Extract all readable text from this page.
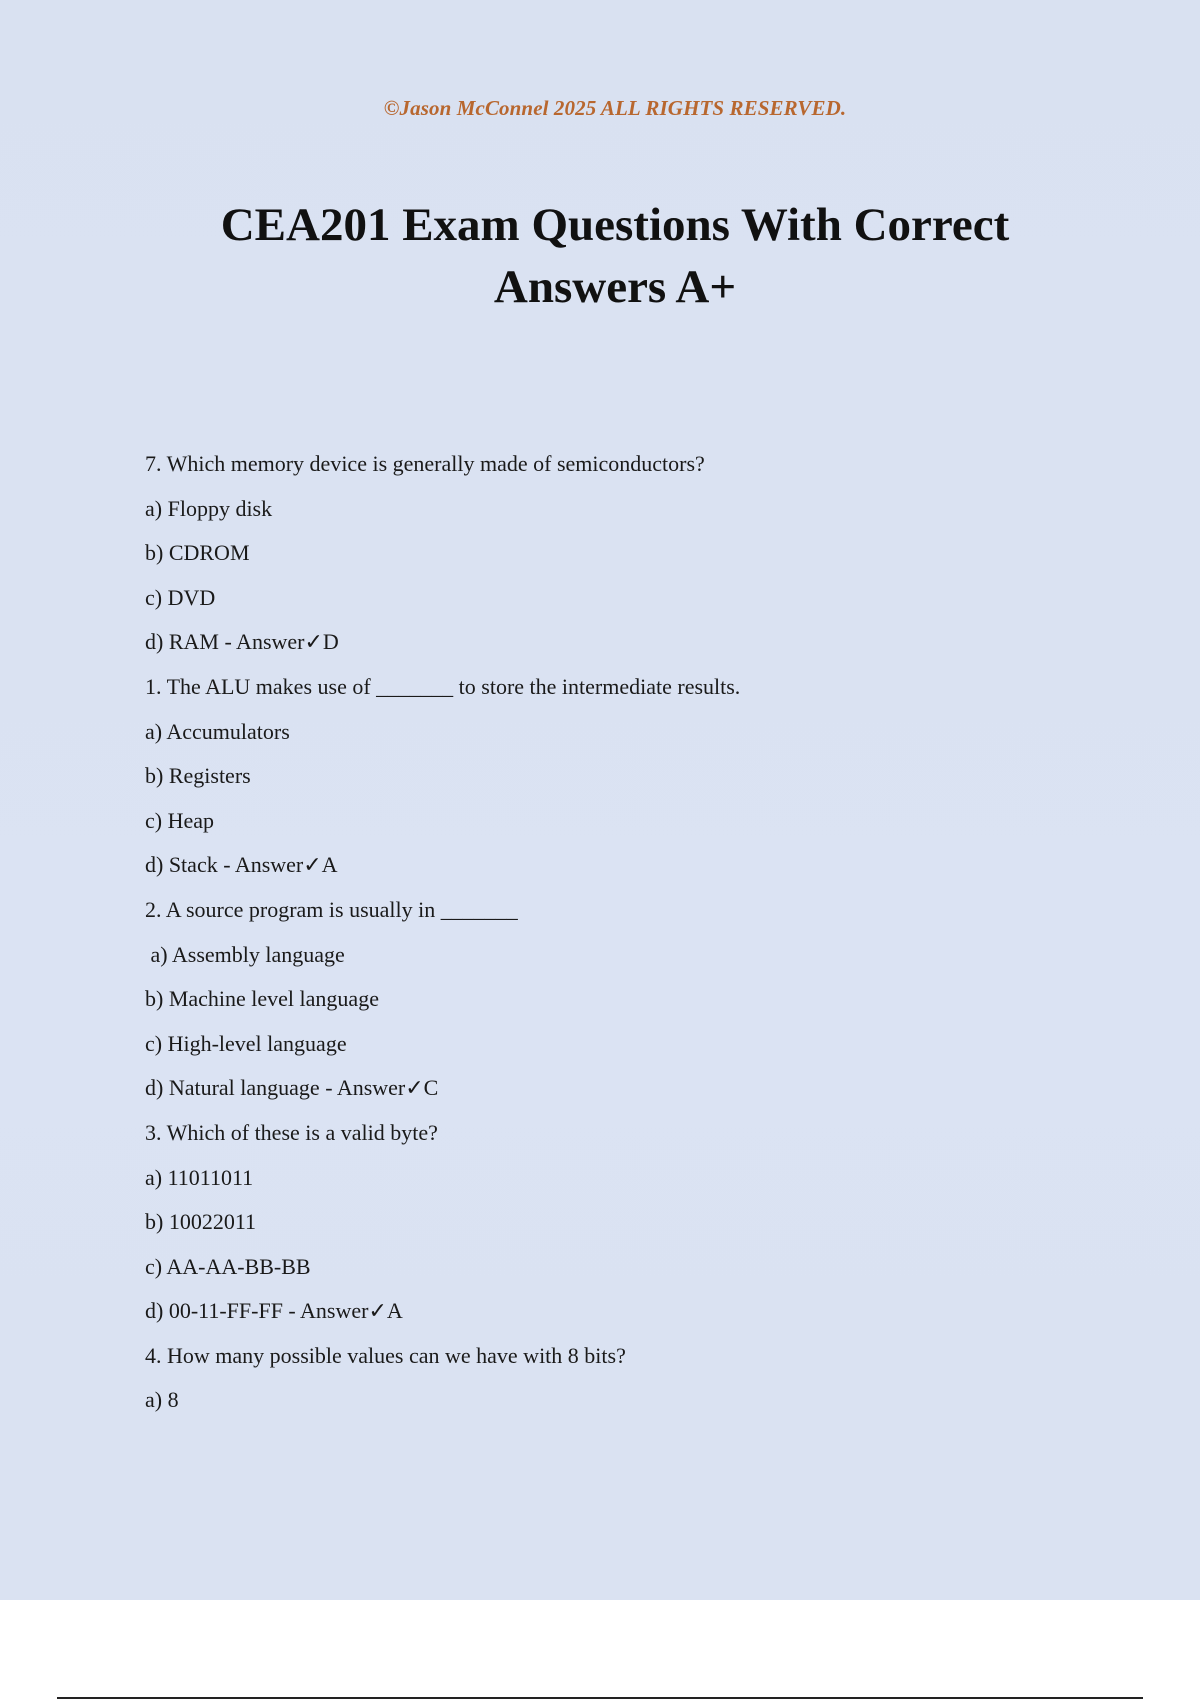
©Jason McConnel 2025 ALL RIGHTS RESERVED.
CEA201 Exam Questions With Correct
Answers A+
7. Which memory device is generally made of semiconductors?
a) Floppy disk
b) CDROM
c) DVD
d) RAM - Answer✓D
1. The ALU makes use of _______ to store the intermediate results.
a) Accumulators
b) Registers
c) Heap
d) Stack - Answer✓A
2. A source program is usually in _______
a) Assembly language
b) Machine level language
c) High-level language
d) Natural language - Answer✓C
3. Which of these is a valid byte?
a) 11011011
b) 10022011
c) AA-AA-BB-BB
d) 00-11-FF-FF - Answer✓A
4. How many possible values can we have with 8 bits?
a) 8
